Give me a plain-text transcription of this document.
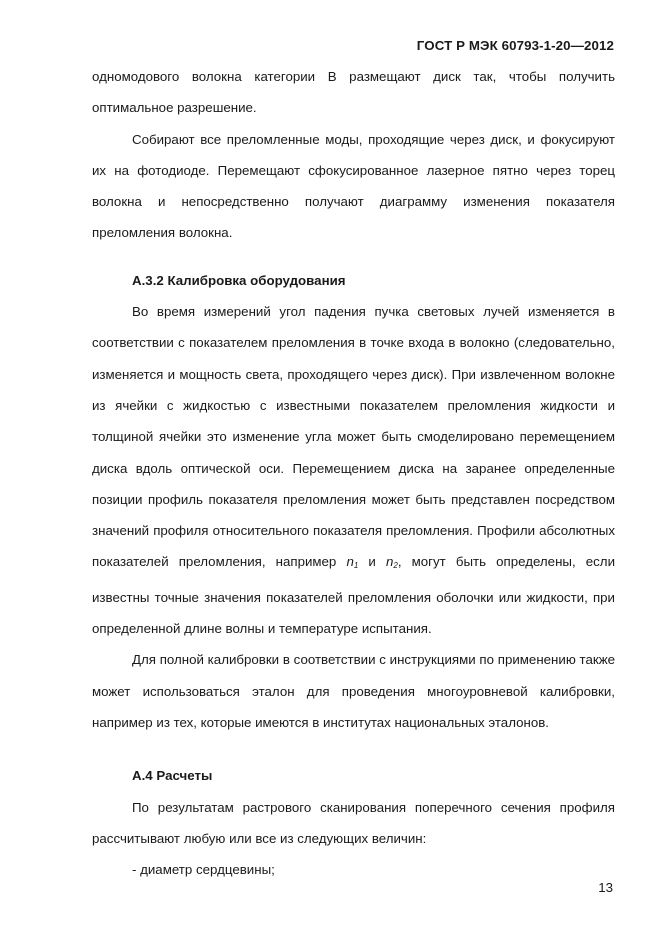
ГОСТ Р МЭК 60793-1-20—2012

одномодового волокна категории В размещают диск так, чтобы получить оптимальное разрешение.

Собирают все преломленные моды, проходящие через диск, и фокусируют их на фотодиоде. Перемещают сфокусированное лазерное пятно через торец волокна и непосредственно получают диаграмму изменения показателя преломления волокна.

А.3.2 Калибровка оборудования

Во время измерений угол падения пучка световых лучей изменяется в соответствии с показателем преломления в точке входа в волокно (следовательно, изменяется и мощность света, проходящего через диск). При извлеченном волокне из ячейки с жидкостью с известными показателем преломления жидкости и толщиной ячейки это изменение угла может быть смоделировано перемещением диска вдоль оптической оси. Перемещением диска на заранее определенные позиции профиль показателя преломления может быть представлен посредством значений профиля относительного показателя преломления. Профили абсолютных показателей преломления, например $n_1$ и $n_2$, могут быть определены, если известны точные значения показателей преломления оболочки или жидкости, при определенной длине волны и температуре испытания.

Для полной калибровки в соответствии с инструкциями по применению также может использоваться эталон для проведения многоуровневой калибровки, например из тех, которые имеются в институтах национальных эталонов.

А.4 Расчеты

По результатам растрового сканирования поперечного сечения профиля рассчитывают любую или все из следующих величин:

- диаметр сердцевины;

13
